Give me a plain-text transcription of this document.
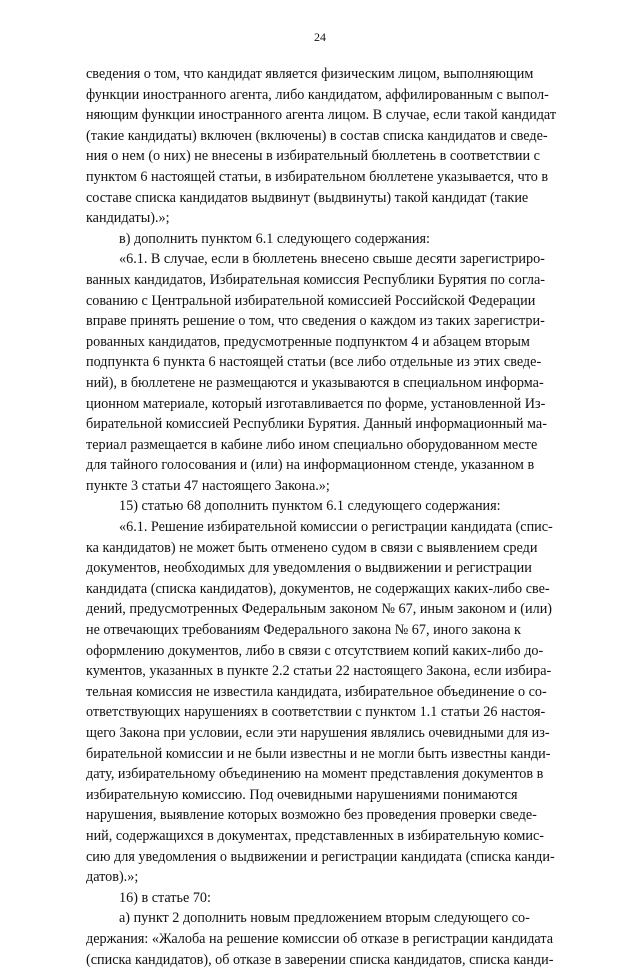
24
сведения о том, что кандидат является физическим лицом, выполняющим
функции иностранного агента, либо кандидатом, аффилированным с выпол-
няющим функции иностранного агента лицом. В случае, если такой кандидат
(такие кандидаты) включен (включены) в состав списка кандидатов и сведе-
ния о нем (о них) не внесены в избирательный бюллетень в соответствии с
пунктом 6 настоящей статьи, в избирательном бюллетене указывается, что в
составе списка кандидатов выдвинут (выдвинуты) такой кандидат (такие
кандидаты).»;
в) дополнить пунктом 6.1 следующего содержания:
«6.1. В случае, если в бюллетень внесено свыше десяти зарегистриро-
ванных кандидатов, Избирательная комиссия Республики Бурятия по согла-
сованию с Центральной избирательной комиссией Российской Федерации
вправе принять решение о том, что сведения о каждом из таких зарегистри-
рованных кандидатов, предусмотренные подпунктом 4 и абзацем вторым
подпункта 6 пункта 6 настоящей статьи (все либо отдельные из этих сведе-
ний), в бюллетене не размещаются и указываются в специальном информа-
ционном материале, который изготавливается по форме, установленной Из-
бирательной комиссией Республики Бурятия. Данный информационный ма-
териал размещается в кабине либо ином специально оборудованном месте
для тайного голосования и (или) на информационном стенде, указанном в
пункте 3 статьи 47 настоящего Закона.»;
15) статью 68 дополнить пунктом 6.1 следующего содержания:
«6.1. Решение избирательной комиссии о регистрации кандидата (спис-
ка кандидатов) не может быть отменено судом в связи с выявлением среди
документов, необходимых для уведомления о выдвижении и регистрации
кандидата (списка кандидатов), документов, не содержащих каких-либо све-
дений, предусмотренных Федеральным законом № 67, иным законом и (или)
не отвечающих требованиям Федерального закона № 67, иного закона к
оформлению документов, либо в связи с отсутствием копий каких-либо до-
кументов, указанных в пункте 2.2 статьи 22 настоящего Закона, если избира-
тельная комиссия не известила кандидата, избирательное объединение о со-
ответствующих нарушениях в соответствии с пунктом 1.1 статьи 26 настоя-
щего Закона при условии, если эти нарушения являлись очевидными для из-
бирательной комиссии и не были известны и не могли быть известны канди-
дату, избирательному объединению на момент представления документов в
избирательную комиссию. Под очевидными нарушениями понимаются
нарушения, выявление которых возможно без проведения проверки сведе-
ний, содержащихся в документах, представленных в избирательную комис-
сию для уведомления о выдвижении и регистрации кандидата (списка канди-
датов).»;
16) в статье 70:
а) пункт 2 дополнить новым предложением вторым следующего со-
держания: «Жалоба на решение комиссии об отказе в регистрации кандидата
(списка кандидатов), об отказе в заверении списка кандидатов, списка канди-
